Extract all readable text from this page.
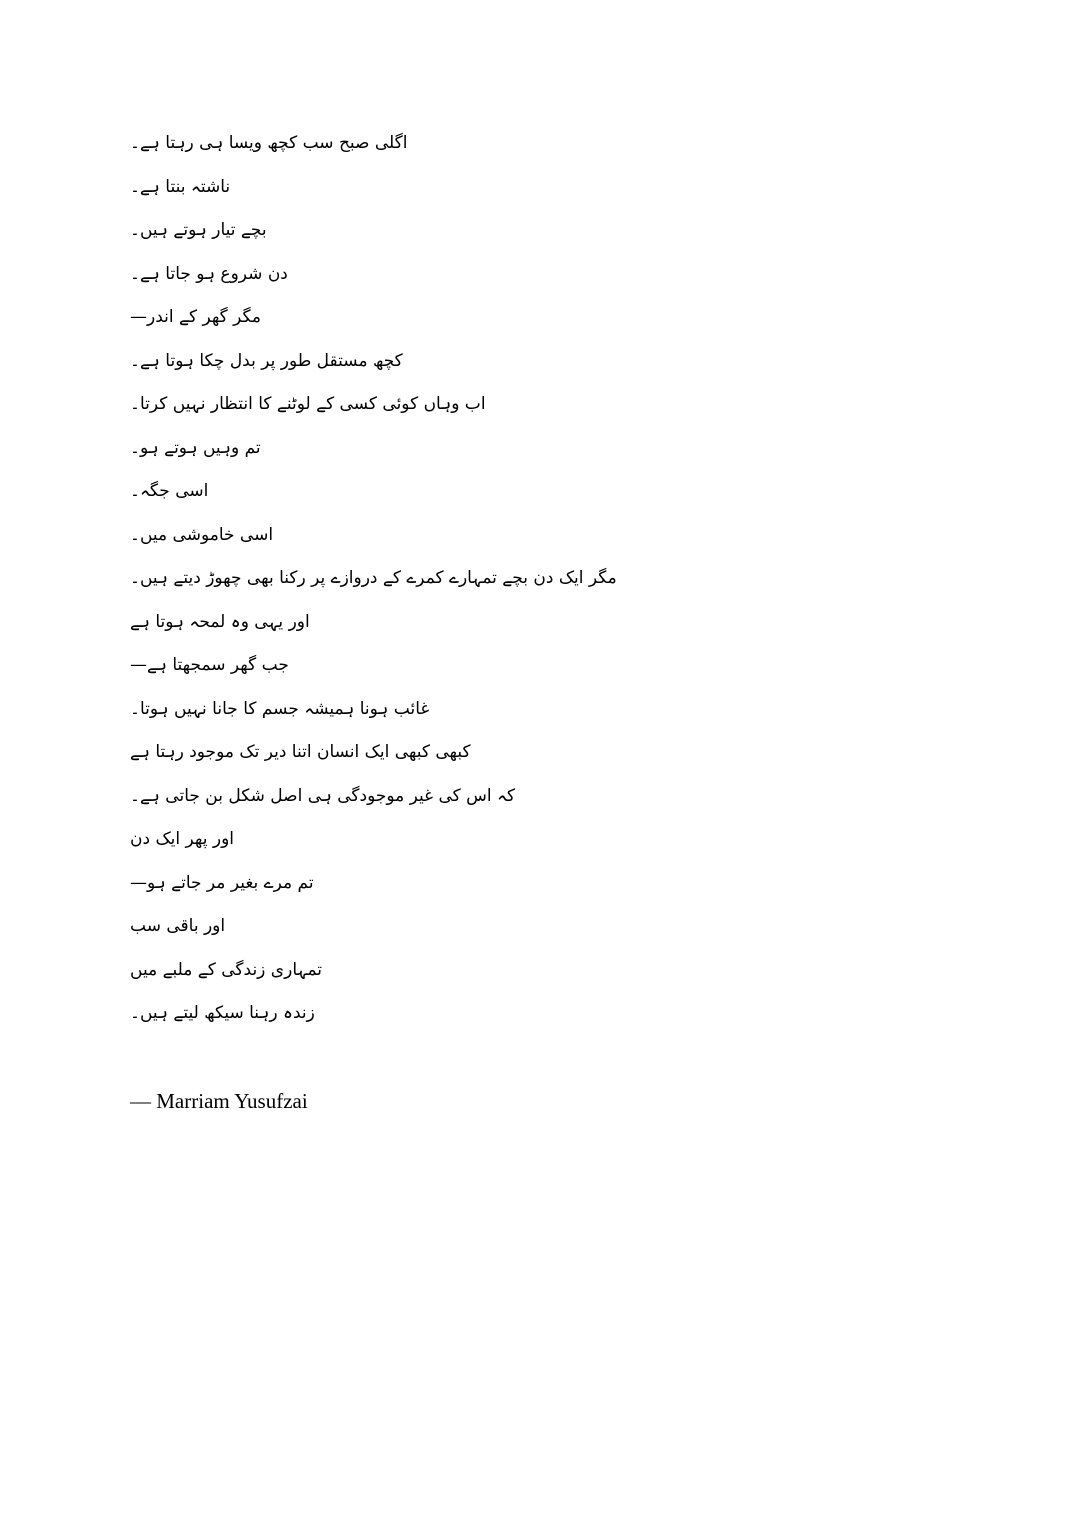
اگلی صبح سب کچھ ویسا ہی رہتا ہے۔
ناشتہ بنتا ہے۔
بچے تیار ہوتے ہیں۔
دن شروع ہو جاتا ہے۔
مگر گھر کے اندر—
کچھ مستقل طور پر بدل چکا ہوتا ہے۔
اب وہاں کوئی کسی کے لوٹنے کا انتظار نہیں کرتا۔
تم وہیں ہوتے ہو۔
اسی جگہ۔
اسی خاموشی میں۔
مگر ایک دن بچے تمہارے کمرے کے دروازے پر رکنا بھی چھوڑ دیتے ہیں۔
اور یہی وہ لمحہ ہوتا ہے
جب گھر سمجھتا ہے—
غائب ہونا ہمیشہ جسم کا جانا نہیں ہوتا۔
کبھی کبھی ایک انسان اتنا دیر تک موجود رہتا ہے
کہ اس کی غیر موجودگی ہی اصل شکل بن جاتی ہے۔
اور پھر ایک دن
تم مرے بغیر مر جاتے ہو—
اور باقی سب
تمہاری زندگی کے ملبے میں
زندہ رہنا سیکھ لیتے ہیں۔
— Marriam Yusufzai
